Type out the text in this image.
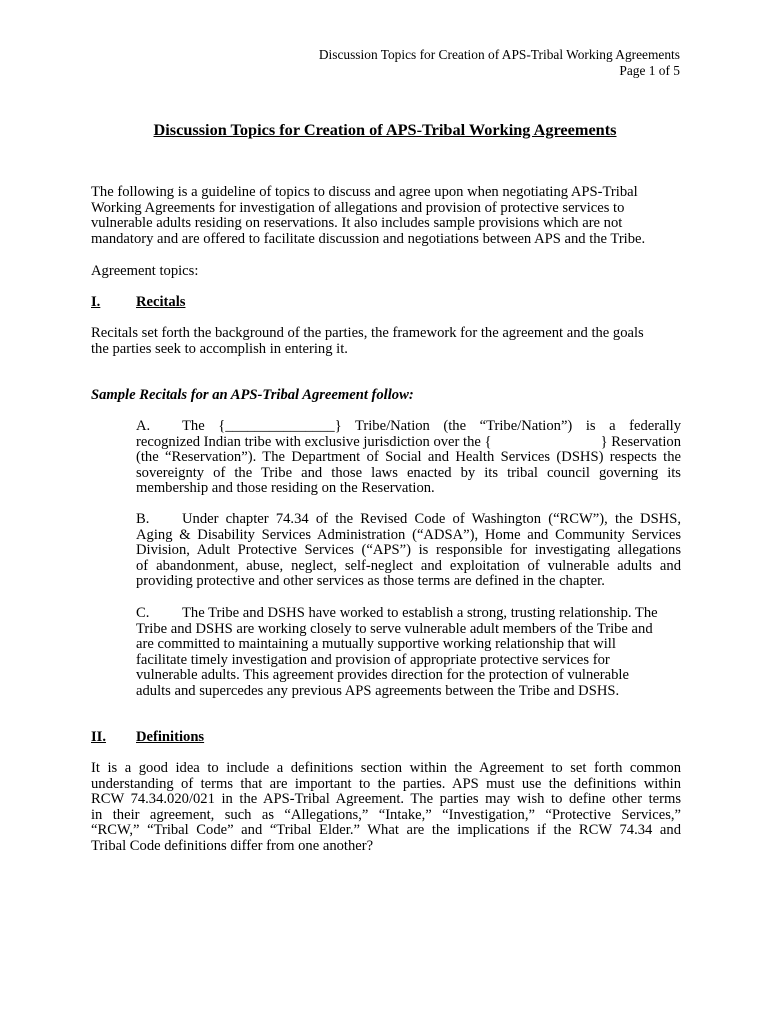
Discussion Topics for Creation of APS-Tribal Working Agreements
Page 1 of 5
Discussion Topics for Creation of APS-Tribal Working Agreements
The following is a guideline of topics to discuss and agree upon when negotiating APS-Tribal
Working Agreements for investigation of allegations and provision of protective services to
vulnerable adults residing on reservations. It also includes sample provisions which are not
mandatory and are offered to facilitate discussion and negotiations between APS and the Tribe.
Agreement topics:
I. Recitals
Recitals set forth the background of the parties, the framework for the agreement and the goals
the parties seek to accomplish in entering it.
Sample Recitals for an APS-Tribal Agreement follow:
A. The {_______________} Tribe/Nation (the “Tribe/Nation”) is a federally
recognized Indian tribe with exclusive jurisdiction over the {	} Reservation
(the “Reservation”). The Department of Social and Health Services (DSHS) respects the
sovereignty of the Tribe and those laws enacted by its tribal council governing its
membership and those residing on the Reservation.
B. Under chapter 74.34 of the Revised Code of Washington (“RCW”), the DSHS,
Aging & Disability Services Administration (“ADSA”), Home and Community Services
Division, Adult Protective Services (“APS”) is responsible for investigating allegations
of abandonment, abuse, neglect, self-neglect and exploitation of vulnerable adults and
providing protective and other services as those terms are defined in the chapter.
C. The Tribe and DSHS have worked to establish a strong, trusting relationship. The
Tribe and DSHS are working closely to serve vulnerable adult members of the Tribe and
are committed to maintaining a mutually supportive working relationship that will
facilitate timely investigation and provision of appropriate protective services for
vulnerable adults. This agreement provides direction for the protection of vulnerable
adults and supercedes any previous APS agreements between the Tribe and DSHS.
II. Definitions
It is a good idea to include a definitions section within the Agreement to set forth common
understanding of terms that are important to the parties. APS must use the definitions within
RCW 74.34.020/021 in the APS-Tribal Agreement. The parties may wish to define other terms
in their agreement, such as “Allegations,” “Intake,” “Investigation,” “Protective Services,”
“RCW,” “Tribal Code” and “Tribal Elder.” What are the implications if the RCW 74.34 and
Tribal Code definitions differ from one another?
